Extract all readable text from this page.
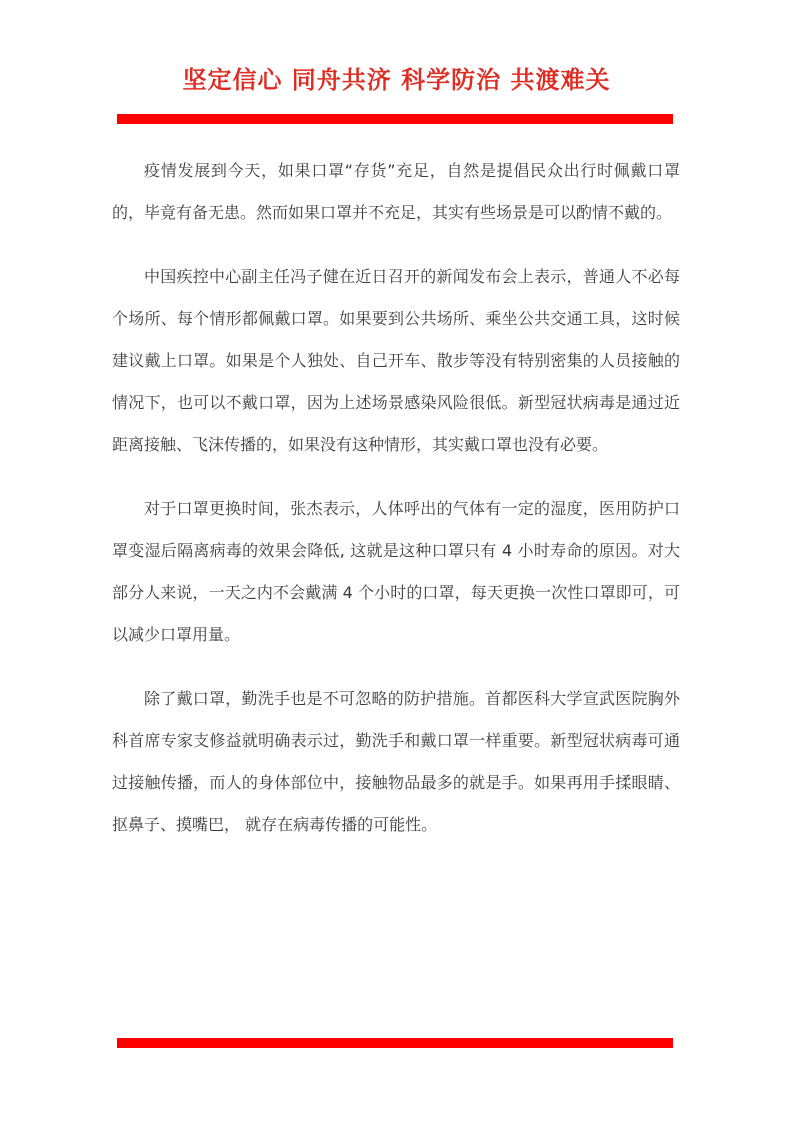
坚定信心 同舟共济 科学防治 共渡难关

疫情发展到今天，如果口罩“存货”充足，自然是提倡民众出行时佩戴口罩的，毕竟有备无患。然而如果口罩并不充足，其实有些场景是可以酌情不戴的。

中国疾控中心副主任冯子健在近日召开的新闻发布会上表示，普通人不必每个场所、每个情形都佩戴口罩。如果要到公共场所、乘坐公共交通工具，这时候建议戴上口罩。如果是个人独处、自己开车、散步等没有特别密集的人员接触的情况下，也可以不戴口罩，因为上述场景感染风险很低。新型冠状病毒是通过近距离接触、飞沫传播的，如果没有这种情形，其实戴口罩也没有必要。

对于口罩更换时间，张杰表示，人体呼出的气体有一定的湿度，医用防护口罩变湿后隔离病毒的效果会降低, 这就是这种口罩只有 4 小时寿命的原因。对大部分人来说，一天之内不会戴满 4 个小时的口罩，每天更换一次性口罩即可，可以减少口罩用量。

除了戴口罩，勤洗手也是不可忽略的防护措施。首都医科大学宣武医院胸外科首席专家支修益就明确表示过，勤洗手和戴口罩一样重要。新型冠状病毒可通过接触传播，而人的身体部位中，接触物品最多的就是手。如果再用手揉眼睛、抠鼻子、摸嘴巴， 就存在病毒传播的可能性。
